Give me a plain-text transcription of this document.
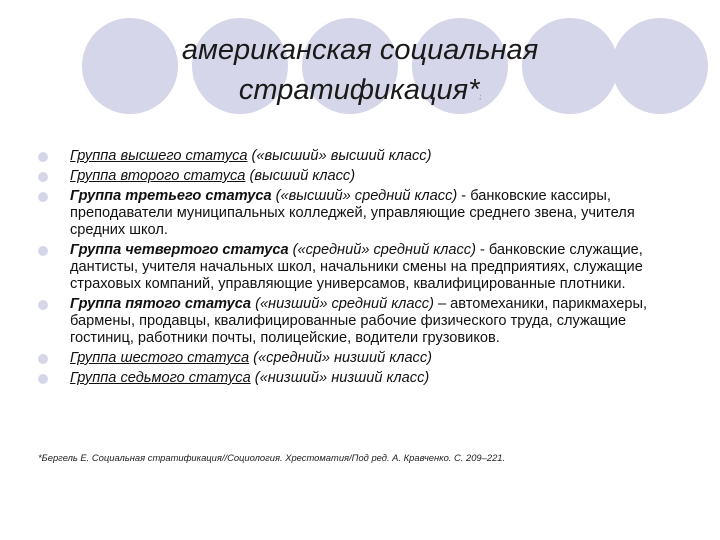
американская социальная
стратификация*;
Группа высшего статуса («высший» высший класс)
Группа второго статуса (высший класс)
Группа третьего статуса («высший» средний класс) - банковские кассиры, преподаватели муниципальных колледжей, управляющие среднего звена, учителя средних школ.
Группа четвертого статуса («средний» средний класс) - банковские служащие, дантисты, учителя начальных школ, начальники смены на предприятиях, служащие страховых компаний, управляющие универсамов, квалифицированные плотники.
Группа пятого статуса («низший» средний класс) – автомеханики, парикмахеры, бармены, продавцы, квалифицированные рабочие физического труда, служащие гостиниц, работники почты, полицейские, водители грузовиков.
Группа шестого статуса («средний» низший класс)
Группа седьмого статуса («низший» низший класс)
*Бергель Е. Социальная стратификация//Социология. Хрестоматия/Под ред. А. Кравченко. С. 209–221.
